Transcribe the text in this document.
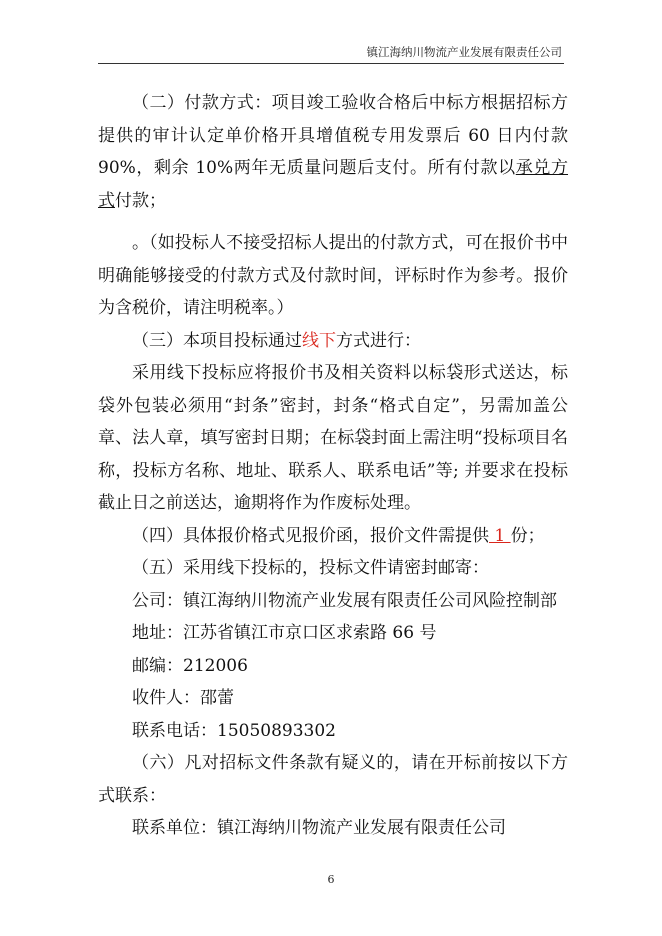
镇江海纳川物流产业发展有限责任公司

（二）付款方式：项目竣工验收合格后中标方根据招标方提供的审计认定单价格开具增值税专用发票后 60 日内付款 90%，剩余 10%两年无质量问题后支付。所有付款以承兑方式付款；

。（如投标人不接受招标人提出的付款方式，可在报价书中明确能够接受的付款方式及付款时间，评标时作为参考。报价为含税价，请注明税率。）

（三）本项目投标通过线下方式进行：

采用线下投标应将报价书及相关资料以标袋形式送达，标袋外包装必须用“封条”密封，封条“格式自定”，另需加盖公章、法人章，填写密封日期；在标袋封面上需注明“投标项目名称，投标方名称、地址、联系人、联系电话”等; 并要求在投标截止日之前送达，逾期将作为作废标处理。

（四）具体报价格式见报价函，报价文件需提供 1 份；

（五）采用线下投标的，投标文件请密封邮寄：

公司：镇江海纳川物流产业发展有限责任公司风险控制部

地址：江苏省镇江市京口区求索路 66 号

邮编：212006

收件人：邵蕾

联系电话：15050893302

（六）凡对招标文件条款有疑义的，请在开标前按以下方式联系：

联系单位：镇江海纳川物流产业发展有限责任公司

6
